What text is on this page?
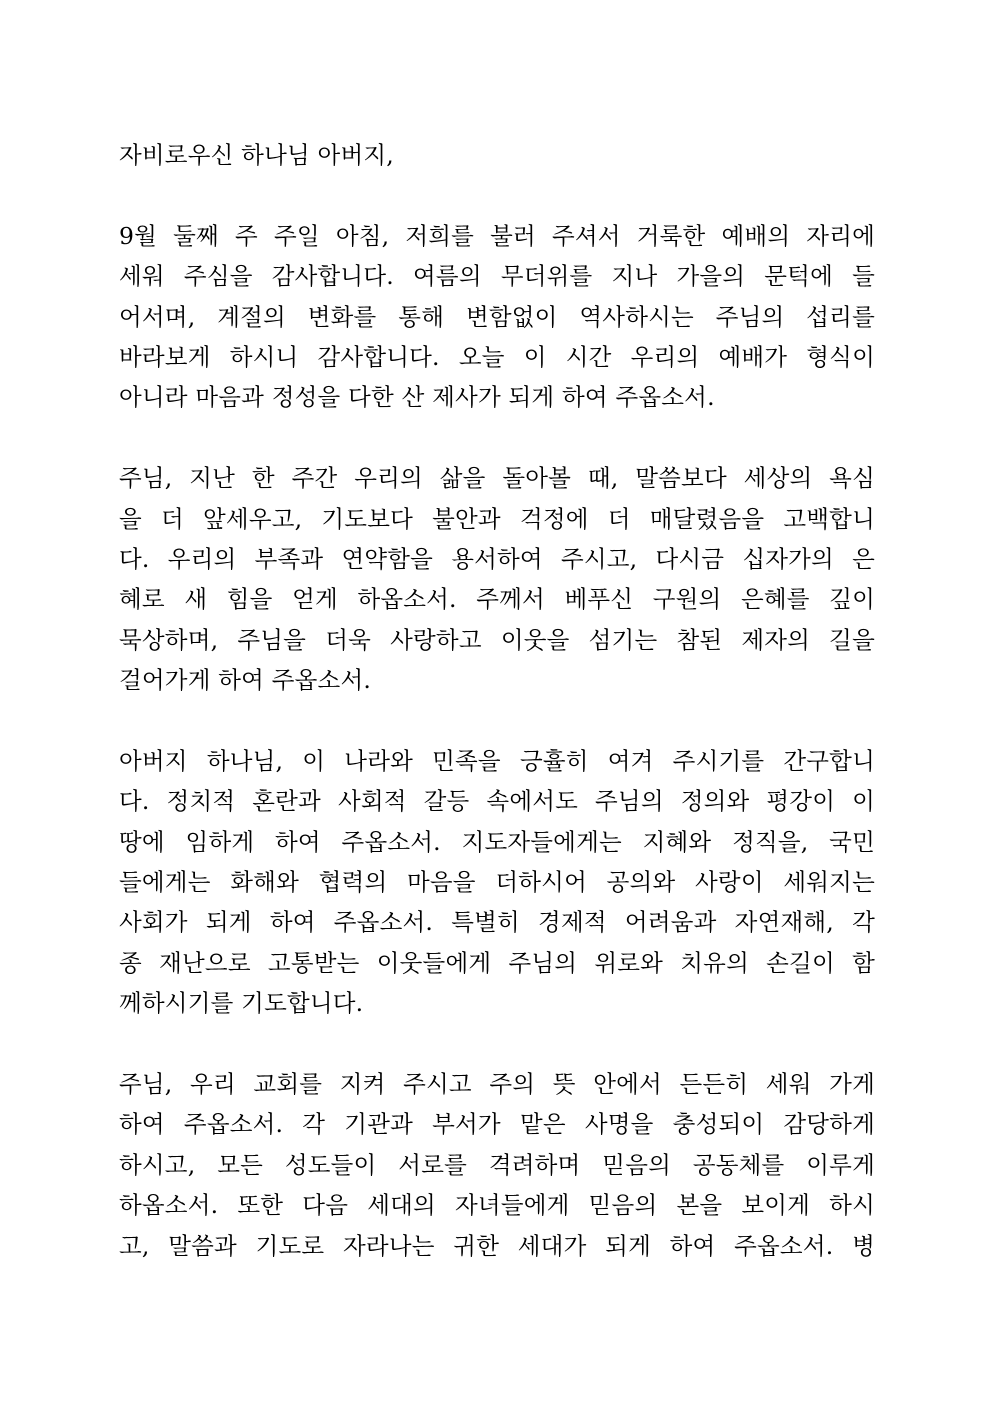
자비로우신 하나님 아버지,
9월 둘째 주 주일 아침, 저희를 불러 주셔서 거룩한 예배의 자리에
세워 주심을 감사합니다. 여름의 무더위를 지나 가을의 문턱에 들
어서며, 계절의 변화를 통해 변함없이 역사하시는 주님의 섭리를
바라보게 하시니 감사합니다. 오늘 이 시간 우리의 예배가 형식이
아니라 마음과 정성을 다한 산 제사가 되게 하여 주옵소서.
주님, 지난 한 주간 우리의 삶을 돌아볼 때, 말씀보다 세상의 욕심
을 더 앞세우고, 기도보다 불안과 걱정에 더 매달렸음을 고백합니
다. 우리의 부족과 연약함을 용서하여 주시고, 다시금 십자가의 은
혜로 새 힘을 얻게 하옵소서. 주께서 베푸신 구원의 은혜를 깊이
묵상하며, 주님을 더욱 사랑하고 이웃을 섬기는 참된 제자의 길을
걸어가게 하여 주옵소서.
아버지 하나님, 이 나라와 민족을 긍휼히 여겨 주시기를 간구합니
다. 정치적 혼란과 사회적 갈등 속에서도 주님의 정의와 평강이 이
땅에 임하게 하여 주옵소서. 지도자들에게는 지혜와 정직을, 국민
들에게는 화해와 협력의 마음을 더하시어 공의와 사랑이 세워지는
사회가 되게 하여 주옵소서. 특별히 경제적 어려움과 자연재해, 각
종 재난으로 고통받는 이웃들에게 주님의 위로와 치유의 손길이 함
께하시기를 기도합니다.
주님, 우리 교회를 지켜 주시고 주의 뜻 안에서 든든히 세워 가게
하여 주옵소서. 각 기관과 부서가 맡은 사명을 충성되이 감당하게
하시고, 모든 성도들이 서로를 격려하며 믿음의 공동체를 이루게
하옵소서. 또한 다음 세대의 자녀들에게 믿음의 본을 보이게 하시
고, 말씀과 기도로 자라나는 귀한 세대가 되게 하여 주옵소서. 병
